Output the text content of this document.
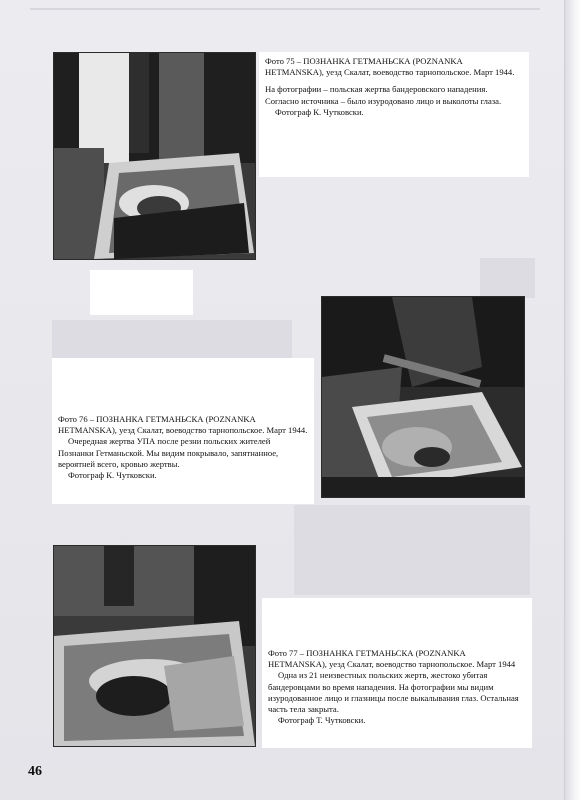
Фото 75 – ПОЗНАНКА ГЕТМАНЬСКА (POZNANKA HETMANSKA), уезд Скалат, воеводство тарнопольское. Март 1944.

На фотографии – польская жертва бандеровского нападения. Согласно источника – было изуродовано лицо и выколоты глаза.

Фотограф К. Чутковски.

Фото 76 – ПОЗНАНКА ГЕТМАНЬСКА (POZNANKA HETMANSKA), уезд Скалат, воеводство тарнопольское. Март 1944.

Очередная жертва УПА после резни польских жителей Познанки Гетманьской. Мы видим покрывало, запятнанное, вероятней всего, кровью жертвы.

Фотограф К. Чутковски.

Фото 77 – ПОЗНАНКА ГЕТМАНЬСКА (POZNANKA HETMANSKA), уезд Скалат, воеводство тарнопольское. Март 1944

Одна из 21 неизвестных польских жертв, жестоко убитая бандеровцами во время нападения. На фотографии мы видим изуродованное лицо и глазницы после выкалывания глаз. Остальная часть тела закрыта.

Фотограф Т. Чутковски.

46
